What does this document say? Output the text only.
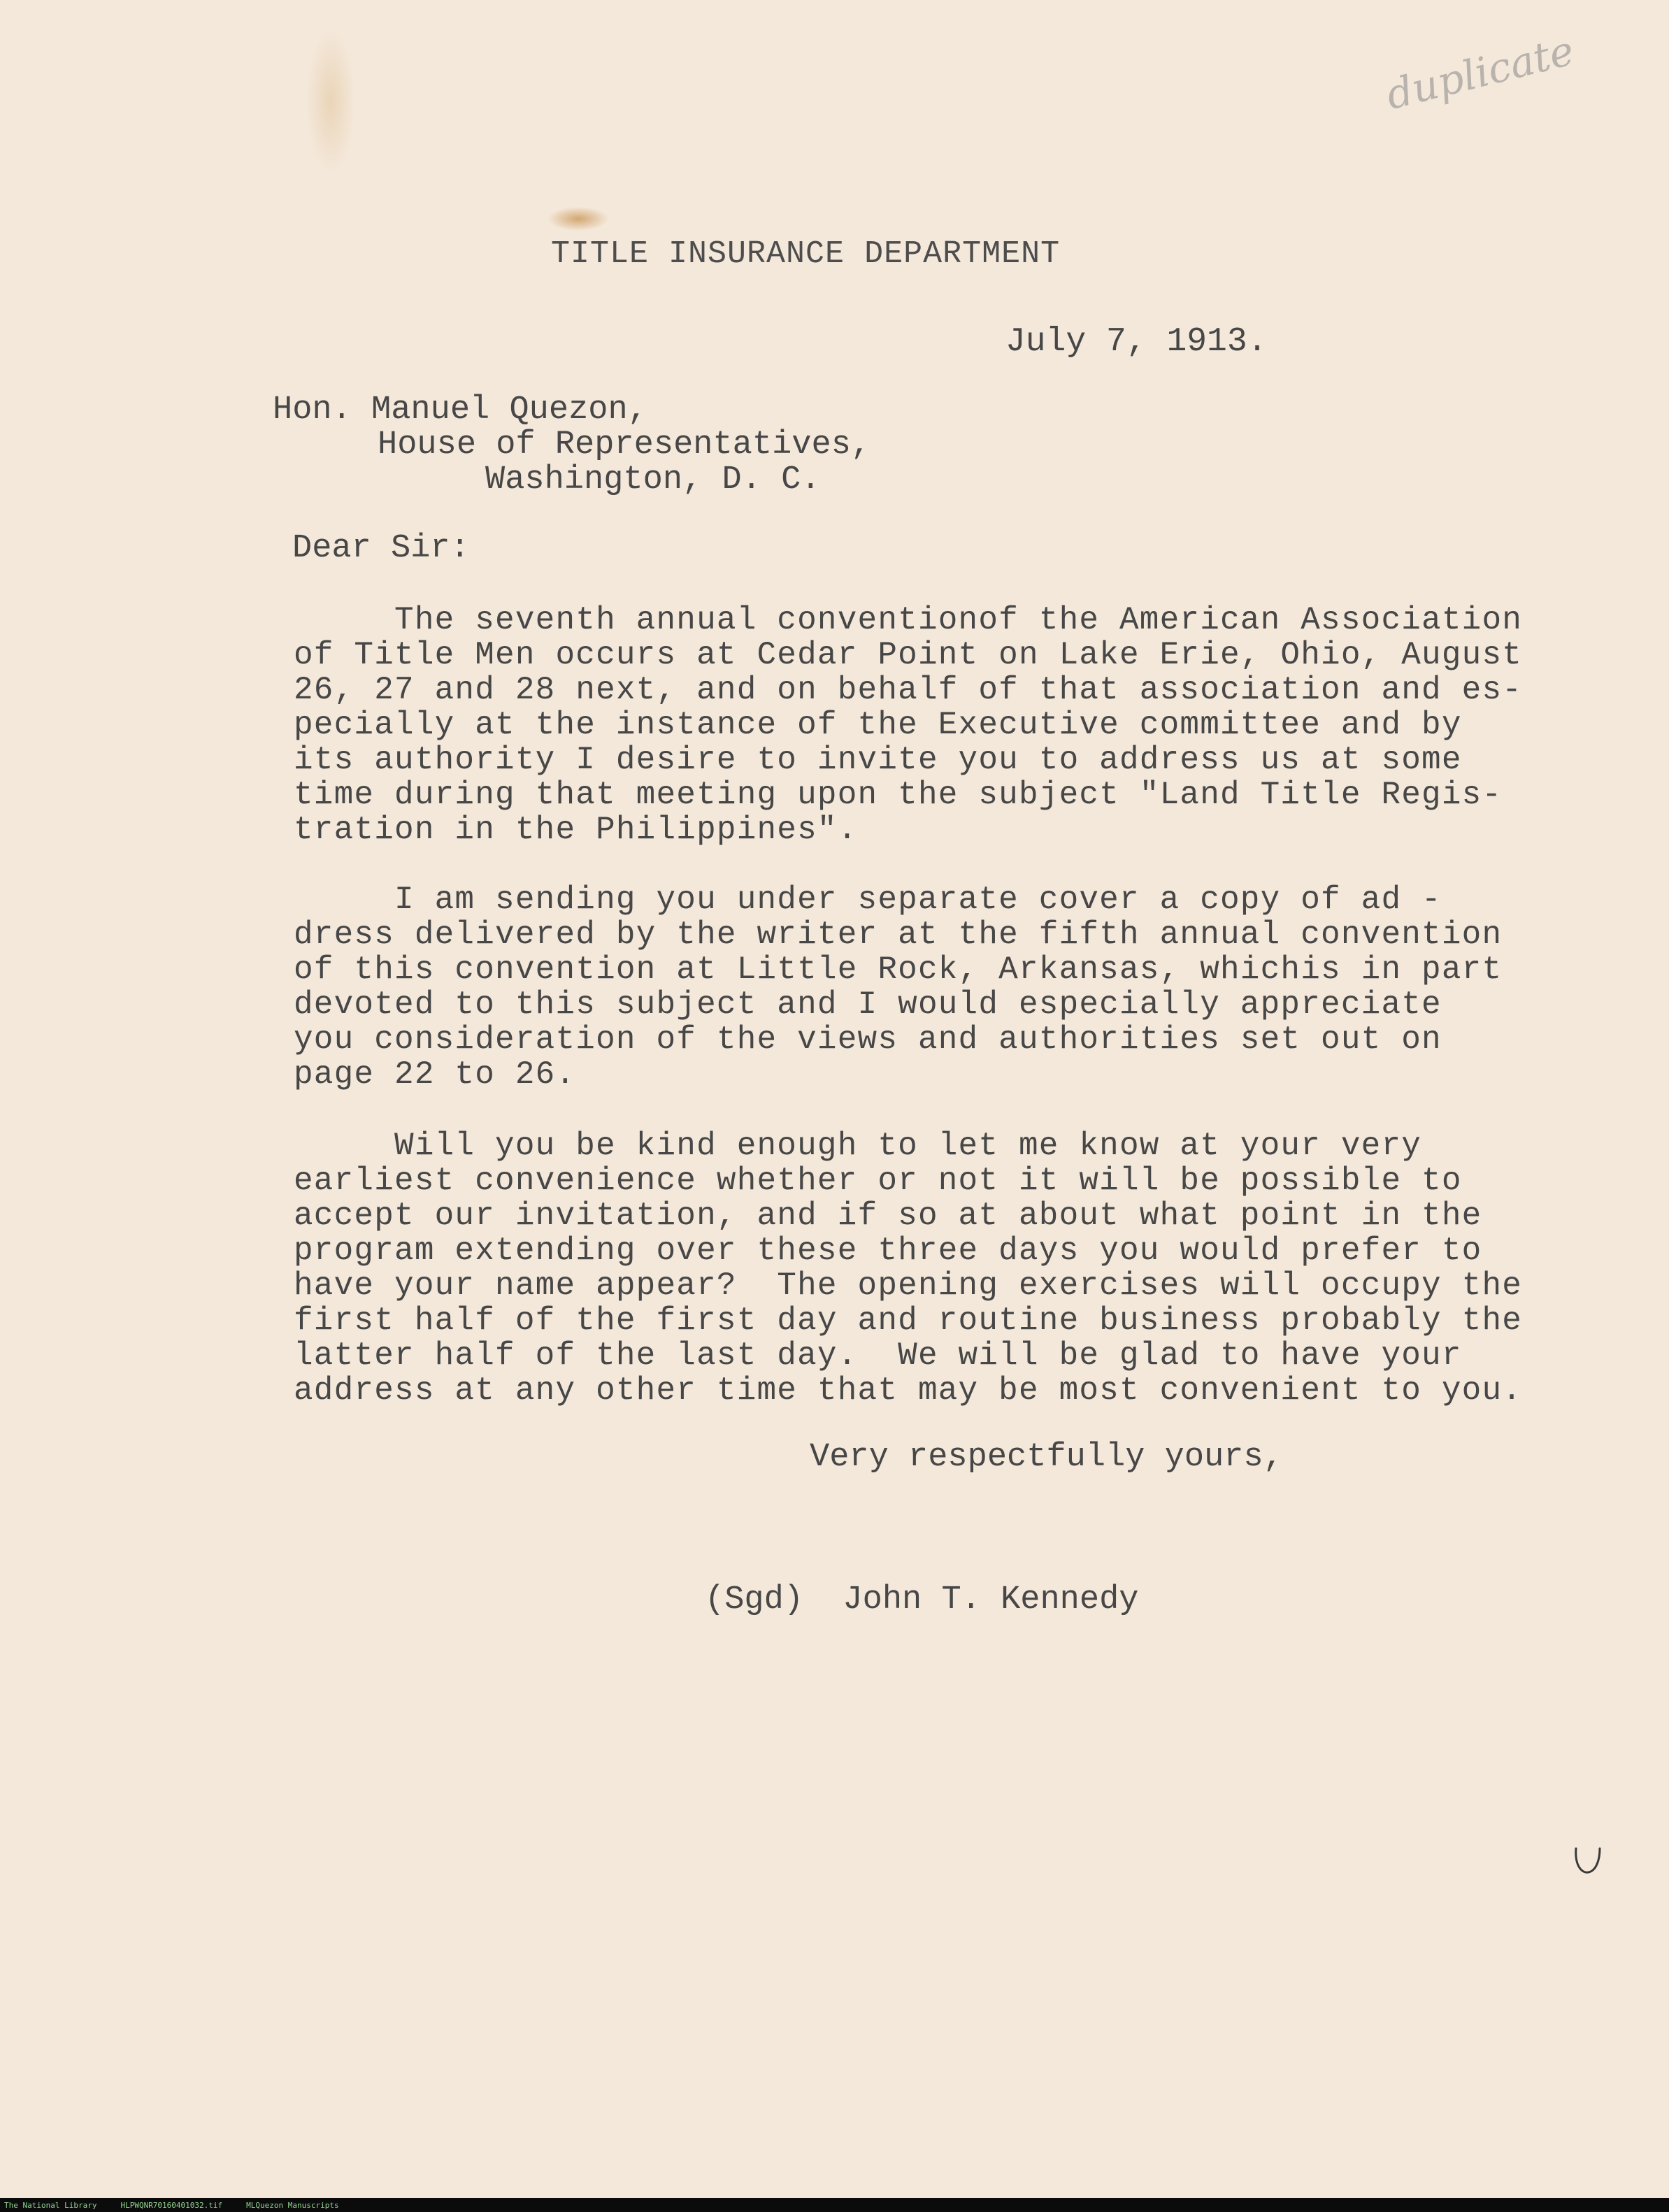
duplicate
TITLE INSURANCE DEPARTMENT
July 7, 1913.
Hon. Manuel Quezon,
House of Representatives,
Washington, D. C.
Dear Sir:
The seventh annual conventionof the American Association
of Title Men occurs at Cedar Point on Lake Erie, Ohio, August
26, 27 and 28 next, and on behalf of that association and es-
pecially at the instance of the Executive committee and by
its authority I desire to invite you to address us at some
time during that meeting upon the subject "Land Title Regis-
tration in the Philippines".
I am sending you under separate cover a copy of ad -
dress delivered by the writer at the fifth annual convention
of this convention at Little Rock, Arkansas, whichis in part
devoted to this subject and I would especially appreciate
you consideration of the views and authorities set out on
page 22 to 26.
Will you be kind enough to let me know at your very
earliest convenience whether or not it will be possible to
accept our invitation, and if so at about what point in the
program extending over these three days you would prefer to
have your name appear?  The opening exercises will occupy the
first half of the first day and routine business probably the
latter half of the last day.  We will be glad to have your
address at any other time that may be most convenient to you.
Very respectfully yours,
(Sgd)  John T. Kennedy
The National Library	HLPWQNR70160401032.tif	MLQuezon Manuscripts
